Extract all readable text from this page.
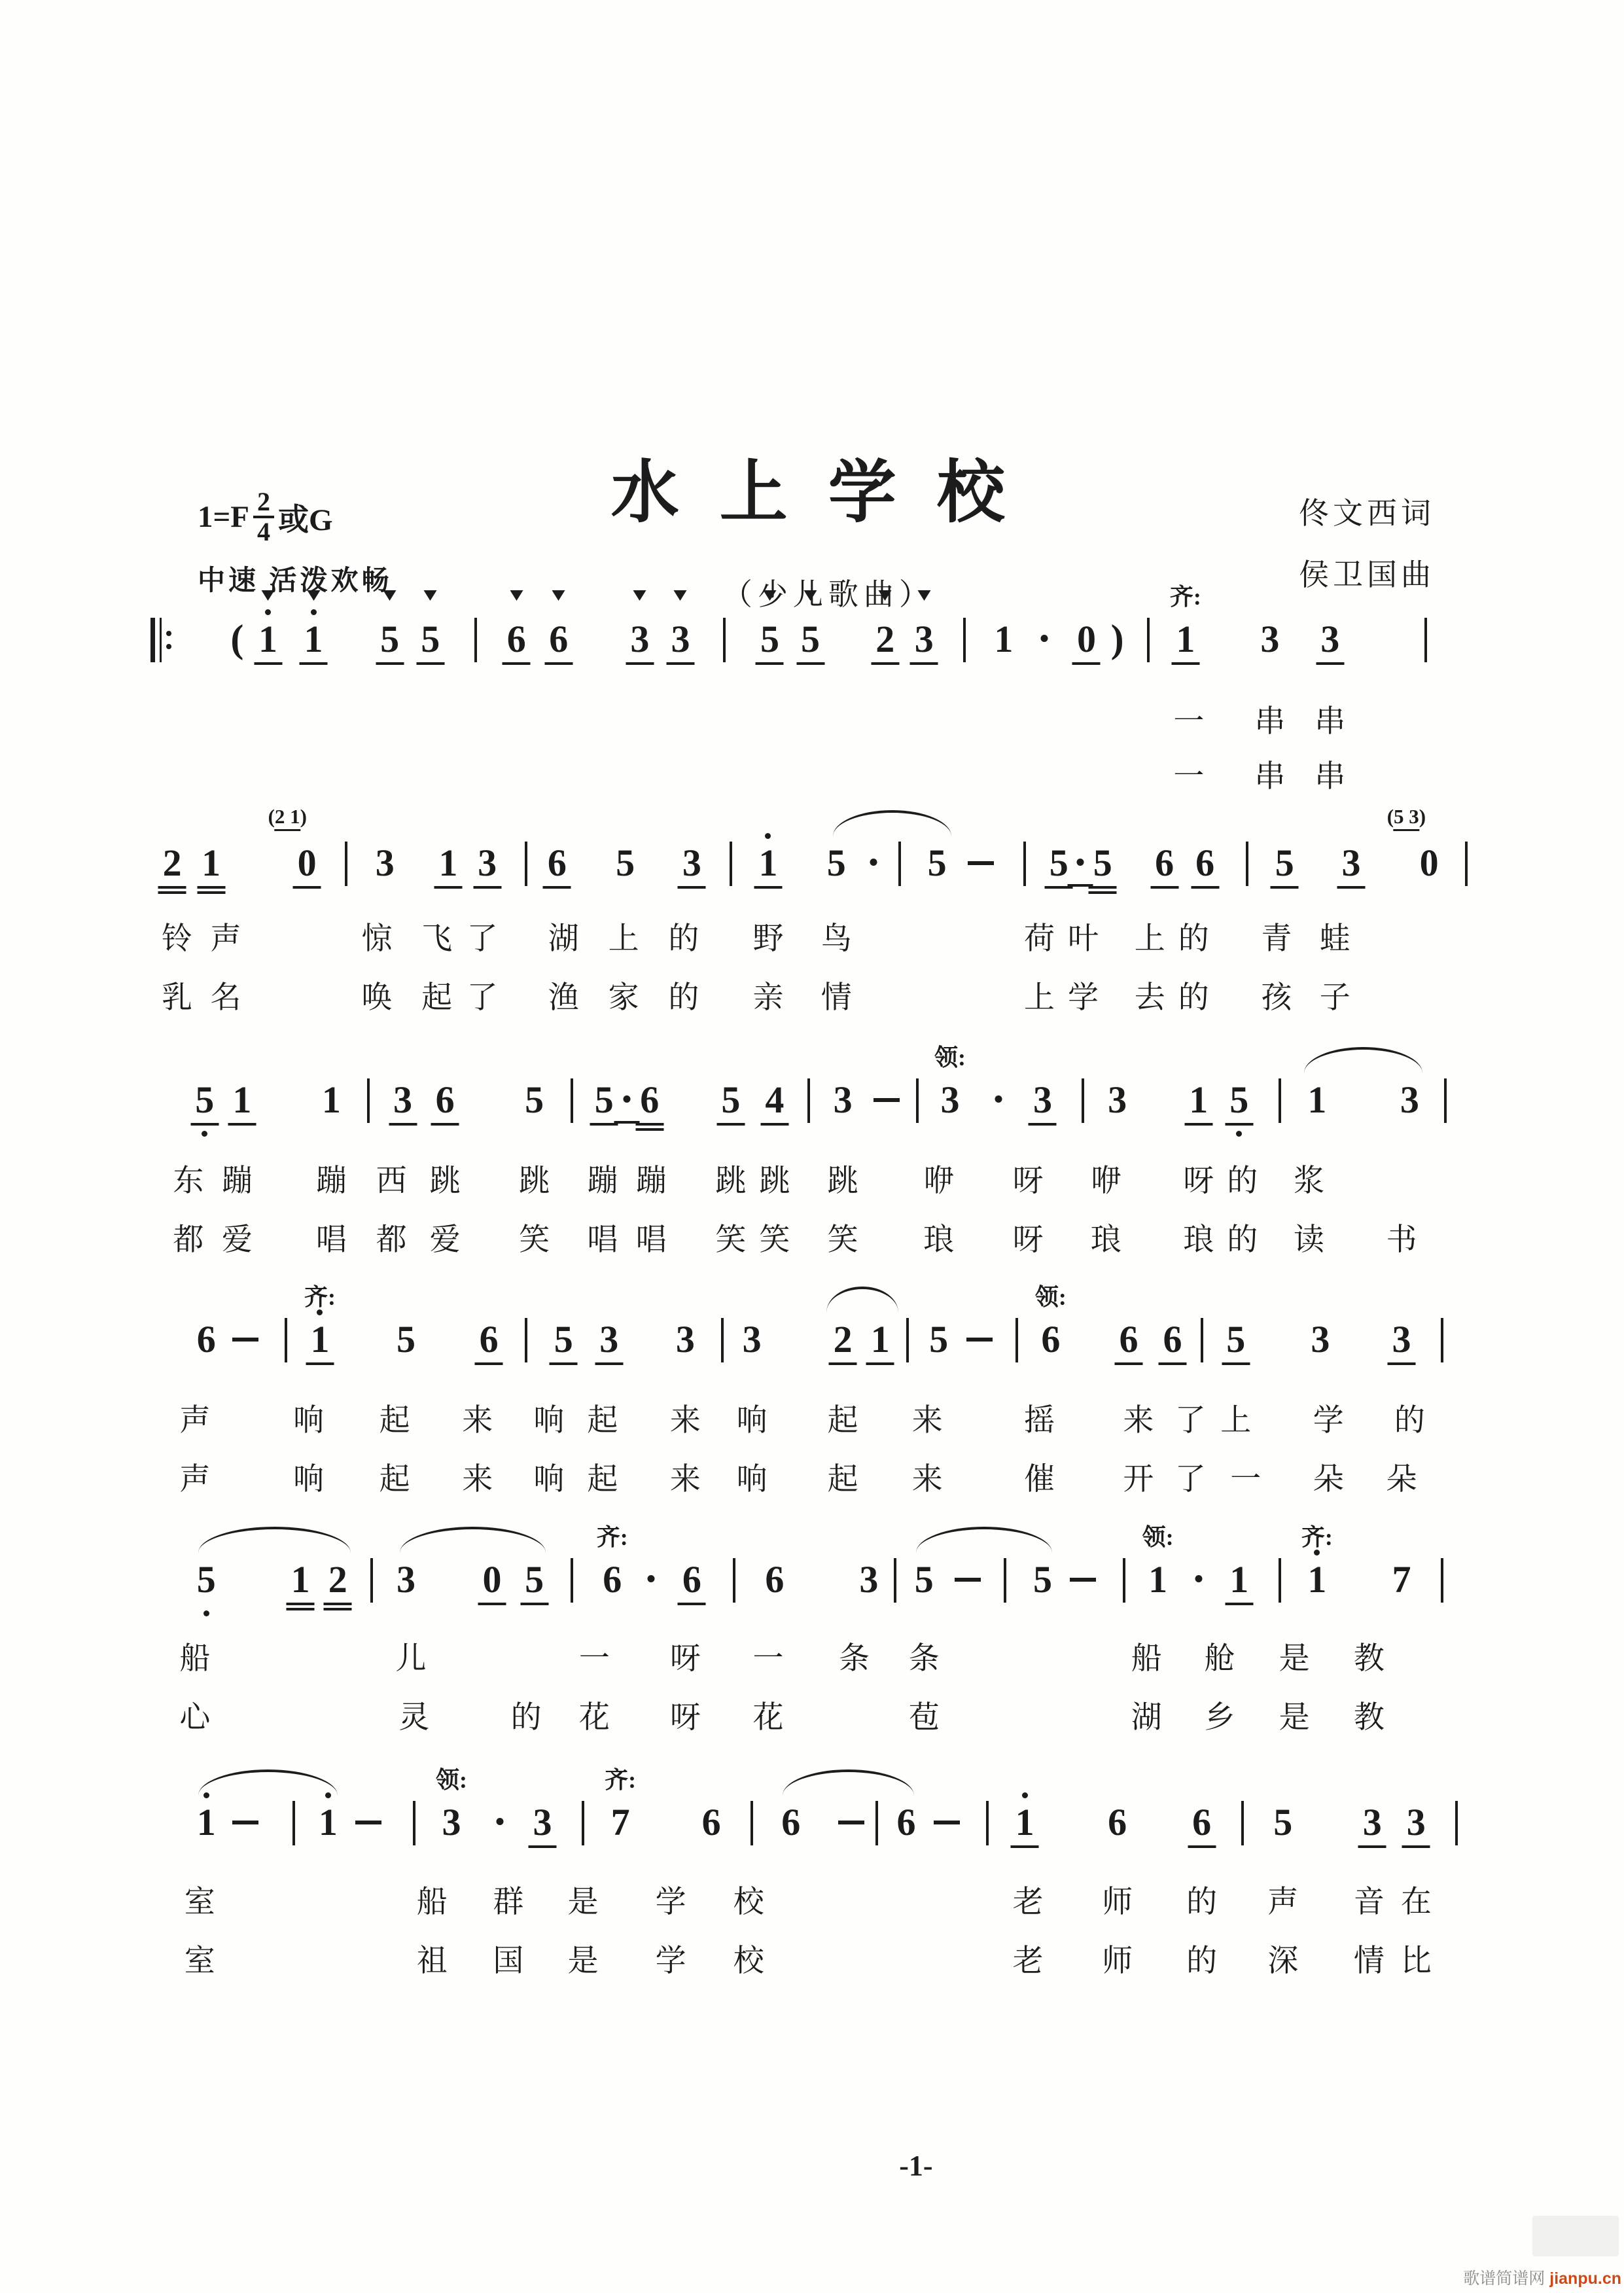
水上学校
（少儿歌曲）
$1=F \frac{2}{4}$ 或G
中速 活泼欢畅
佟文西词
侯卫国曲
( 1 1 5 5 6 6 3 3 5 5 2 3 1 0 ) 1
齐:
3 3
一 串 串
一 串 串
2 1
(2 1)
0 3 1 3 6 5 3 1 5 5	5 5 6 6 5 3
(5 3)
0
铃 声	惊 飞 了 湖 上 的 野 鸟	荷 叶 上 的 青 蛙
乳 名	唤 起 了 渔 家 的 亲 情	上 学 去 的 孩 子
5 1 1 3 6 5 5 6 5 4 3 3
领:
3 3 1 5 1 3
东 蹦 蹦 西 跳 跳 蹦 蹦 跳 跳 跳 咿 呀 咿 呀 的 浆
都 爱 唱 都 爱 笑 唱 唱 笑 笑 笑 琅 呀 琅 琅 的 读 书
6 1
齐:
5 6 5 3 3 3 2 1 5 6
领:
6 6 5 3 3
声	响 起 来 响 起 来 响 起 来	摇 来 了 上 学 的
声	响 起 来 响 起 来 响 起 来	催 开 了 一 朵 朵
5 1 2 3 0 5 6
齐:
6 6 3 5	5	1
领:
1 1
齐:
7
船	儿	一 呀 一 条 条	船 舱 是 教
心	灵	的 花 呀 花	苞	湖 乡 是 教
1	1	3
领:
3 7
齐:
6 6	6	1 6 6 5 3 3
室	船 群 是 学 校	老 师 的 声 音 在
室	祖 国 是 学 校	老 师 的 深 情 比
-1-
歌谱简谱网 jianpu.cn
